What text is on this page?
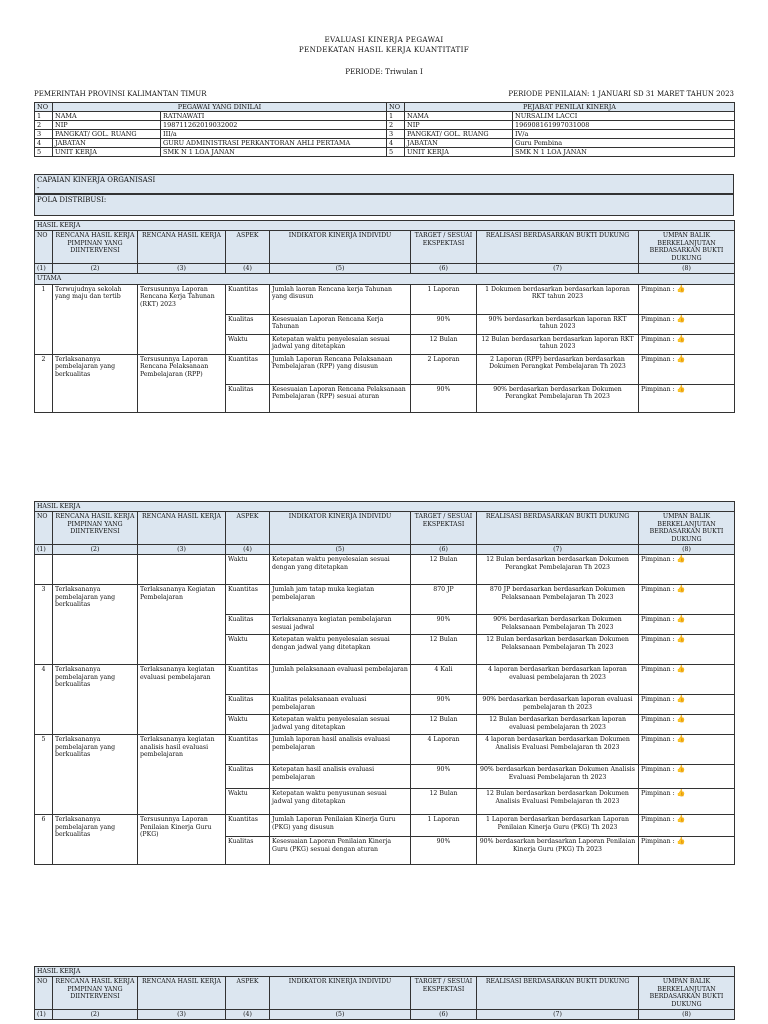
EVALUASI KINERJA PEGAWAI
PENDEKATAN HASIL KERJA KUANTITATIF
PERIODE: Triwulan I
PEMERINTAH PROVINSI KALIMANTAN TIMUR	PERIODE PENILAIAN: 1 JANUARI SD 31 MARET TAHUN 2023
NO	PEGAWAI YANG DINILAI		NO	PEJABAT PENILAI KINERJA	
1	NAMA	RATNAWATI	1	NAMA	NURSALIM LACCI
2	NIP	198711262019032002	2	NIP	196908161997031008
3	PANGKAT/ GOL. RUANG	III/a	3	PANGKAT/ GOL. RUANG	IV/a
4	JABATAN	GURU ADMINISTRASI PERKANTORAN AHLI PERTAMA	4	JABATAN	Guru Pembina
5	UNIT KERJA	SMK N 1 LOA JANAN	5	UNIT KERJA	SMK N 1 LOA JANAN
CAPAIAN KINERJA ORGANISASI
-
POLA DISTRIBUSI:
HASIL KERJA							
NO	RENCANA HASIL KERJA PIMPINAN YANG DIINTERVENSI	RENCANA HASIL KERJA	ASPEK	INDIKATOR KINERJA INDIVIDU	TARGET / SESUAI EKSPEKTASI	REALISASI BERDASARKAN BUKTI DUKUNG	UMPAN BALIK BERKELANJUTAN BERDASARKAN BUKTI DUKUNG
(1)	(2)	(3)	(4)	(5)	(6)	(7)	(8)
UTAMA							
1	Terwujudnya sekolah yang maju dan tertib	Tersusunnya Laporan Rencana Kerja Tahunan (RKT) 2023	Kuantitas	Jumlah laoran Rencana kerja Tahunan yang disusun	1 Laporan	1 Dokumen berdasarkan berdasarkan laporan RKT tahun 2023	Pimpinan : 👍
			Kualitas	Kesesuaian Laporan Rencana Kerja Tahunan	90%	90% berdasarkan berdasarkan laporan RKT tahun 2023	Pimpinan : 👍
			Waktu	Ketepatan waktu penyelesaian sesuai jadwal yang ditetapkan	12 Bulan	12 Bulan berdasarkan berdasarkan laporan RKT tahun 2023	Pimpinan : 👍
2	Terlaksananya pembelajaran yang berkualitas	Tersusunnya Laporan Rencana Pelaksanaan Pembelajaran (RPP)	Kuantitas	Jumlah Laporan Rencana Pelaksanaan Pembelajaran (RPP) yang disusun	2 Laporan	2 Laporan (RPP) berdasarkan berdasarkan Dokumen Perangkat Pembelajaran Th 2023	Pimpinan : 👍
			Kualitas	Kesesuaian Laporan Rencana Pelaksanaan Pembelajaran (RPP) sesuai aturan	90%	90% berdasarkan berdasarkan Dokumen Perangkat Pembelajaran Th 2023	Pimpinan : 👍
HASIL KERJA							
NO	RENCANA HASIL KERJA PIMPINAN YANG DIINTERVENSI	RENCANA HASIL KERJA	ASPEK	INDIKATOR KINERJA INDIVIDU	TARGET / SESUAI EKSPEKTASI	REALISASI BERDASARKAN BUKTI DUKUNG	UMPAN BALIK BERKELANJUTAN BERDASARKAN BUKTI DUKUNG
(1)	(2)	(3)	(4)	(5)	(6)	(7)	(8)
			Waktu	Ketepatan waktu penyelesaian sesuai dengan yang ditetapkan	12 Bulan	12 Bulan berdasarkan berdasarkan Dokumen Perangkat Pembelajaran Th 2023	Pimpinan : 👍
3	Terlaksananya pembelajaran yang berkualitas	Terlaksananya Kegiatan Pembelajaran	Kuantitas	Jumlah jam tatap muka kegiatan pembelajaran	870 JP	870 JP berdasarkan berdasarkan Dokumen Pelaksanaan Pembelajaran Th 2023	Pimpinan : 👍
			Kualitas	Terlaksananya kegiatan pembelajaran sesuai jadwal	90%	90% berdasarkan berdasarkan Dokumen Pelaksanaan Pembelajaran Th 2023	Pimpinan : 👍
			Waktu	Ketepatan waktu penyelesaian sesuai dengan jadwal yang ditetapkan	12 Bulan	12 Bulan berdasarkan berdasarkan Dokumen Pelaksanaan Pembelajaran Th 2023	Pimpinan : 👍
4	Terlaksananya pembelajaran yang berkualitas	Terlaksananya kegiatan evaluasi pembelajaran	Kuantitas	Jumlah pelaksanaan evaluasi pembelajaran	4 Kali	4 laporan berdasarkan berdasarkan laporan evaluasi pembelajaran th 2023	Pimpinan : 👍
			Kualitas	Kualitas pelaksanaan evaluasi pembelajaran	90%	90% berdasarkan berdasarkan laporan evaluasi pembelajaran th 2023	Pimpinan : 👍
			Waktu	Ketepatan waktu penyelesaian sesuai jadwal yang ditetapkan	12 Bulan	12 Bulan berdasarkan berdasarkan laporan evaluasi pembelajaran th 2023	Pimpinan : 👍
5	Terlaksananya pembelajaran yang berkualitas	Terlaksananya kegiatan analisis hasil evaluasi pembelajaran	Kuantitas	Jumlah laporan hasil analisis evaluasi pembelajaran	4 Laporan	4 laporan berdasarkan berdasarkan Dokumen Analisis Evaluasi Pembelajaran th 2023	Pimpinan : 👍
			Kualitas	Ketepatan hasil analisis evaluasi pembelajaran	90%	90% berdasarkan berdasarkan Dokumen Analisis Evaluasi Pembelajaran th 2023	Pimpinan : 👍
			Waktu	Ketepatan waktu penyusunan sesuai jadwal yang ditetapkan	12 Bulan	12 Bulan berdasarkan berdasarkan Dokumen Analisis Evaluasi Pembelajaran th 2023	Pimpinan : 👍
6	Terlaksananya pembelajaran yang berkualitas	Tersusunnya Laporan Penilaian Kinerja Guru (PKG)	Kuantitas	Jumlah Laporan Penilaian Kinerja Guru (PKG) yang disusun	1 Laporan	1 Laporan berdasarkan berdasarkan Laporan Penilaian Kinerja Guru (PKG) Th 2023	Pimpinan : 👍
			Kualitas	Kesesuaian Laporan Penilaian Kinerja Guru (PKG) sesuai dengan aturan	90%	90% berdasarkan berdasarkan Laporan Penilaian Kinerja Guru (PKG) Th 2023	Pimpinan : 👍
HASIL KERJA							
NO	RENCANA HASIL KERJA PIMPINAN YANG DIINTERVENSI	RENCANA HASIL KERJA	ASPEK	INDIKATOR KINERJA INDIVIDU	TARGET / SESUAI EKSPEKTASI	REALISASI BERDASARKAN BUKTI DUKUNG	UMPAN BALIK BERKELANJUTAN BERDASARKAN BUKTI DUKUNG
(1)	(2)	(3)	(4)	(5)	(6)	(7)	(8)
